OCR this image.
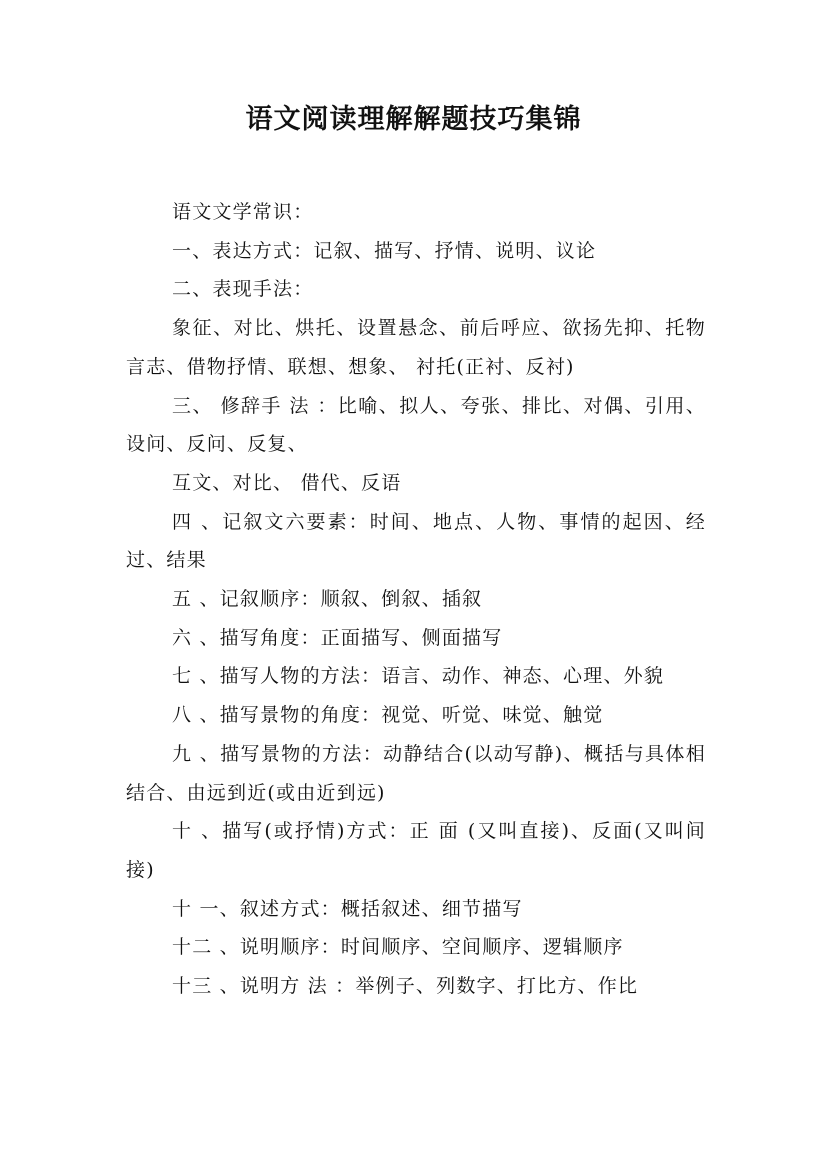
语文阅读理解解题技巧集锦

语文文学常识：

一、表达方式：记叙、描写、抒情、说明、议论

二、表现手法：

象征、对比、烘托、设置悬念、前后呼应、欲扬先抑、托物言志、借物抒情、联想、想象、 衬托(正衬、反衬)

三、 修辞手 法 ：比喻、拟人、夸张、排比、对偶、引用、设问、反问、反复、

互文、对比、 借代、反语

四 、记叙文六要素：时间、地点、人物、事情的起因、经过、结果

五 、记叙顺序：顺叙、倒叙、插叙

六 、描写角度：正面描写、侧面描写

七 、描写人物的方法：语言、动作、神态、心理、外貌

八 、描写景物的角度：视觉、听觉、味觉、触觉

九 、描写景物的方法：动静结合(以动写静)、概括与具体相结合、由远到近(或由近到远)

十 、描写(或抒情)方式：正 面 (又叫直接)、反面(又叫间接)

十 一、叙述方式：概括叙述、细节描写

十二 、说明顺序：时间顺序、空间顺序、逻辑顺序

十三 、说明方 法 ：举例子、列数字、打比方、作比
